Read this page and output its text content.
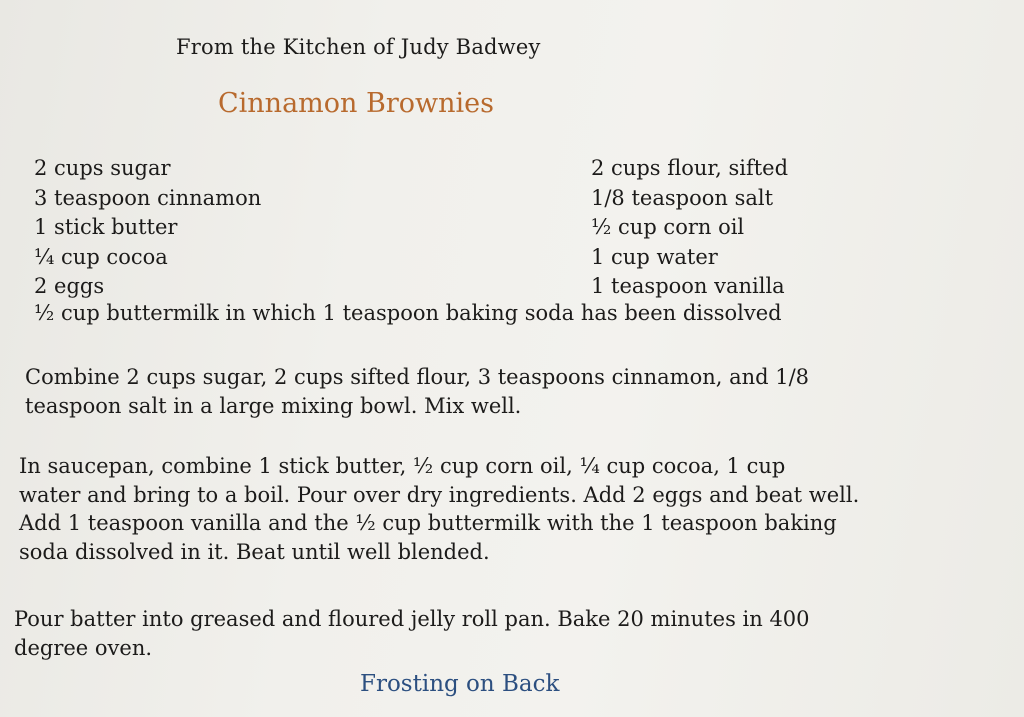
From the Kitchen of Judy Badwey
Cinnamon Brownies
2 cups sugar
3 teaspoon cinnamon
1 stick butter
¼ cup cocoa
2 eggs
2 cups flour, sifted
1/8 teaspoon salt
½ cup corn oil
1 cup water
1 teaspoon vanilla
½ cup buttermilk in which 1 teaspoon baking soda has been dissolved
Combine 2 cups sugar, 2 cups sifted flour, 3 teaspoons cinnamon, and 1/8
teaspoon salt in a large mixing bowl. Mix well.
In saucepan, combine 1 stick butter, ½ cup corn oil, ¼ cup cocoa, 1 cup
water and bring to a boil. Pour over dry ingredients. Add 2 eggs and beat well.
Add 1 teaspoon vanilla and the ½ cup buttermilk with the 1 teaspoon baking
soda dissolved in it. Beat until well blended.
Pour batter into greased and floured jelly roll pan. Bake 20 minutes in 400
degree oven.
Frosting on Back
